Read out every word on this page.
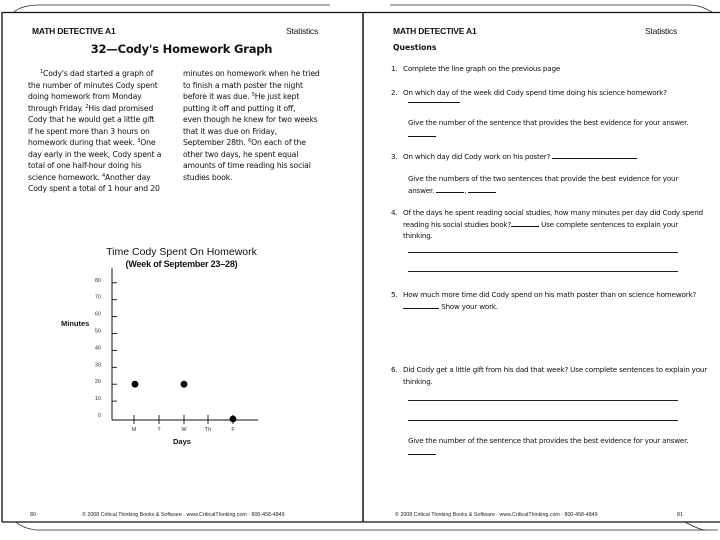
MATH DETECTIVE A1	Statistics
32—Cody's Homework Graph
$^1$Cody's dad started a graph of
the number of minutes Cody spent
doing homework from Monday
through Friday. $^2$His dad promised
Cody that he would get a little gift
if he spent more than 3 hours on
homework during that week. $^3$One
day early in the week, Cody spent a
total of one half-hour doing his
science homework. $^4$Another day
Cody spent a total of 1 hour and 20
minutes on homework when he tried
to finish a math poster the night
before it was due. $^5$He just kept
putting it off and putting it off,
even though he knew for two weeks
that it was due on Friday,
September 28th. $^6$On each of the
other two days, he spent equal
amounts of time reading his social
studies book.
Time Cody Spent On Homework
(Week of September 23–28)
Minutes
Days
0
10
20
30
40
50
60
70
80
M	T	W	Th	F
80	© 2008 Critical Thinking Books & Software · www.CriticalThinking.com · 800-458-4849
MATH DETECTIVE A1	Statistics
Questions
1. Complete the line graph on the previous page
2. On which day of the week did Cody spend time doing his science homework?
Give the number of the sentence that provides the best evidence for your answer.
3. On which day did Cody work on his poster?
Give the numbers of the two sentences that provide the best evidence for your answer.	,
4. Of the days he spent reading social studies, how many minutes per day did Cody spend reading his social studies book?	Use complete sentences to explain your thinking.
5. How much more time did Cody spend on his math poster than on science homework?  Show your work.
6. Did Cody get a little gift from his dad that week? Use complete sentences to explain your thinking.
Give the number of the sentence that provides the best evidence for your answer.
© 2008 Critical Thinking Books & Software · www.CriticalThinking.com · 800-458-4849	81
